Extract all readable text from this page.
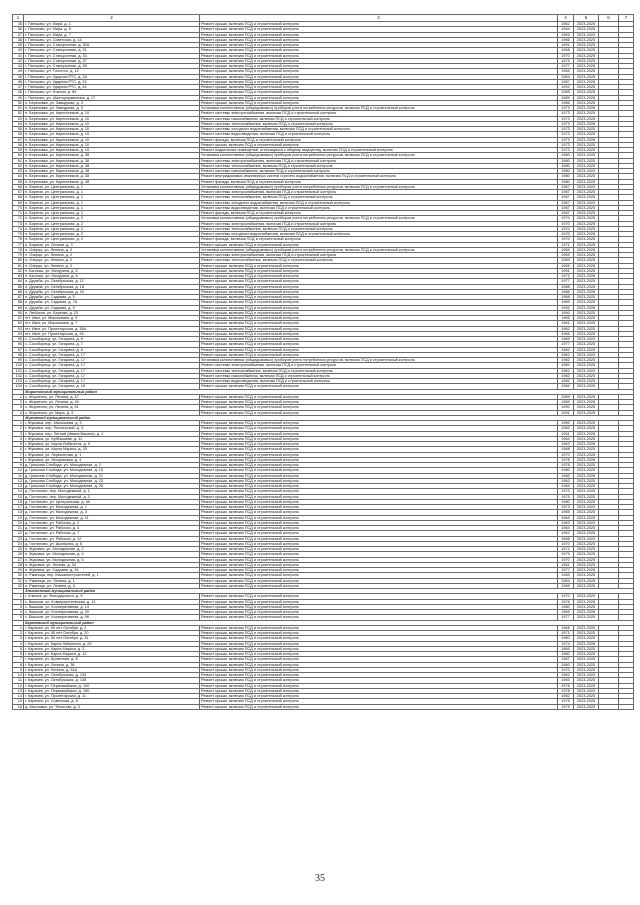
1	2	3	4	5	6	7
35	г. Пятьково, ул. Мира, д. 1	Ремонт крыши, включая ПСД и строительный контроль	1962	2023-2025		
36	г. Пятьково, ул. Мира, д. 5	Ремонт крыши, включая ПСД и строительный контроль	1964	2023-2025		
37	г. Пятьково, ул. Мира, д. 7	Ремонт крыши, включая ПСД и строительный контроль	1965	2023-2025		
38	г. Пятьково, ул. Советская, д. 14	Ремонт крыши, включая ПСД и строительный контроль	1966	2023-2025		
39	г. Пятьково, ул. Станционная, д. 30А	Ремонт крыши, включая ПСД и строительный контроль	1991	2023-2025		
40	г. Пятьково, ул. Станционная, д. 31	Ремонт крыши, включая ПСД и строительный контроль	1968	2023-2025		
41	г. Пятьково, ул. Станционная, д. 33	Ремонт крыши, включая ПСД и строительный контроль	1970	2023-2025		
42	г. Пятьково, ул. Станционная, д. 37	Ремонт крыши, включая ПСД и строительный контроль	1979	2023-2025		
43	г. Пятьково, ул. Станционная, д. 39	Ремонт крыши, включая ПСД и строительный контроль	1977	2023-2025		
44	г. Пятьково, ул. Толстого, д. 12	Ремонт крыши, включая ПСД и строительный контроль	1969	2023-2025		
45	г. Пятьково, ул. Ударная РТС, д. 2А	Ремонт крыши, включая ПСД и строительный контроль	1984	2023-2025		
46	г. Пятьково, ул. Ударная РТС, д. 24	Ремонт крыши, включая ПСД и строительный контроль	1987	2023-2025		
47	г. Пятьково, ул. Ударная РТС, д. 44	Ремонт крыши, включая ПСД и строительный контроль	1992	2023-2025		
48	г. Пятьково, ул. Фокина, д. 69	Ремонт крыши, включая ПСД и строительный контроль	1965	2023-2025		
49	г. Пятьково, ул. Шахтоуправления, д. 17	Ремонт крыши, включая ПСД и строительный контроль	1989	2023-2025		
50	п. Березовка, ул. Заводская, д. 3	Ремонт крыши, включая ПСД и строительный контроль	1986	2023-2025		
51	п. Березовка, ул. Заводская, д. 3	Установка коллективных (общедомовых) приборов учета потребления ресурсов, включая ПСД и строительный контроль	1973	2023-2025		
52	п. Березовка, ул. Кирпичников, д. 10	Ремонт системы электроснабжения, включая ПСД и строительный контроль	1973	2023-2025		
53	п. Березовка, ул. Кирпичников, д. 10	Ремонт системы газоснабжения, включая ПСД и строительный контроль	1973	2023-2025		
54	п. Березовка, ул. Кирпичников, д. 10	Ремонт системы теплоснабжения, включая ПСД и строительный контроль	1973	2023-2025		
55	п. Березовка, ул. Кирпичников, д. 10	Ремонт системы холодного водоснабжения, включая ПСД и строительный контроль	1973	2023-2025		
56	п. Березовка, ул. Кирпичников, д. 10	Ремонт системы водоотведения, включая ПСД и строительный контроль	1973	2023-2025		
57	п. Березовка, ул. Кирпичников, д. 10	Ремонт фасада, включая ПСД и строительный контроль	1973	2023-2025		
58	п. Березовка, ул. Кирпичников, д. 10	Ремонт крыши, включая ПСД и строительный контроль	1973	2023-2025		
59	п. Березовка, ул. Кирпичников, д. 10	Ремонт подвальных помещений, относящихся к общему имуществу, включая ПСД и строительный контроль	1973	2023-2025		
60	п. Березовка, ул. Кирпичников, д. 38	Установка коллективных (общедомовых) приборов учета потребления ресурсов, включая ПСД и строительный контроль	1980	2023-2025		
61	п. Березовка, ул. Кирпичников, д. 38	Ремонт системы электроснабжения, включая ПСД и строительный контроль	1980	2023-2025		
62	п. Березовка, ул. Кирпичников, д. 38	Ремонт системы теплоснабжения, включая ПСД и строительный контроль	1980	2023-2025		
63	п. Березовка, ул. Кирпичников, д. 38	Ремонт системы газоснабжения, включая ПСД и строительный контроль	1980	2023-2025		
64	п. Березовка, ул. Кирпичников, д. 38	Ремонт внутридомовых инженерных систем горячего водоснабжения, включая ПСД и строительный контроль	1980	2023-2025		
65	п. Березовка, ул. Кирпичников, д. 38	Ремонт фасада, включая ПСД и строительный контроль	1980	2023-2025		
66	п. Бирючи, ул. Центральная, д. 1	Установка коллективных (общедомовых) приборов учета потребления ресурсов, включая ПСД и строительный контроль	1967	2023-2025		
67	п. Бирючи, ул. Центральная, д. 1	Ремонт системы электроснабжения, включая ПСД и строительный контроль	1967	2023-2025		
68	п. Бирючи, ул. Центральная, д. 1	Ремонт системы теплоснабжения, включая ПСД и строительный контроль	1967	2023-2025		
69	п. Бирючи, ул. Центральная, д. 1	Ремонт системы холодного водоснабжения, включая ПСД и строительный контроль	1967	2023-2025		
70	п. Бирючи, ул. Центральная, д. 1	Ремонт системы водоотведения, включая ПСД и строительный контроль	1967	2023-2025		
71	п. Бирючи, ул. Центральная, д. 1	Ремонт фасада, включая ПСД и строительный контроль	1967	2023-2025		
72	п. Бирючи, ул. Центральная, д. 2	Установка коллективных (общедомовых) приборов учета потребления ресурсов, включая ПСД и строительный контроль	1970	2023-2025		
73	п. Бирючи, ул. Центральная, д. 2	Ремонт системы электроснабжения, включая ПСД и строительный контроль	1970	2023-2025		
74	п. Бирючи, ул. Центральная, д. 2	Ремонт системы теплоснабжения, включая ПСД и строительный контроль	1970	2023-2025		
75	п. Бирючи, ул. Центральная, д. 2	Ремонт системы холодного водоснабжения, включая ПСД и строительный контроль	1970	2023-2025		
76	п. Бирючи, ул. Центральная, д. 2	Ремонт фасада, включая ПСД и строительный контроль	1970	2023-2025		
77	п. Бирючи, ул. Ленина, д. 3	Ремонт крыши, включая ПСД и строительный контроль	1971	2023-2025		
78	п. Озерцо, ул. Ленина, д. 2	Установка коллективных (общедомовых) приборов учета потребления ресурсов, включая ПСД и строительный контроль	1969	2023-2025		
79	п. Озерцо, ул. Ленина, д. 2	Ремонт системы электроснабжения, включая ПСД и строительный контроль	1969	2023-2025		
80	п. Озерцо, ул. Ленина, д. 2	Ремонт системы теплоснабжения, включая ПСД и строительный контроль	1969	2023-2025		
81	п. Озерцо, ул. Ленина, д. 2	Ремонт крыши, включая ПСД и строительный контроль	1969	2023-2025		
82	п. Бытошь, ул. Мичурина, д. 5	Ремонт крыши, включая ПСД и строительный контроль	1991	2023-2025		
83	п. Бытошь, ул. Мичурина, д. 6	Ремонт крыши, включая ПСД и строительный контроль	1972	2023-2025		
84	п. Дружба, ул. Октябрьская, д. 11	Ремонт крыши, включая ПСД и строительный контроль	1977	2023-2025		
85	п. Дружба, ул. Октябрьская, д. 18	Ремонт крыши, включая ПСД и строительный контроль	1985	2023-2025		
86	п. Дружба, ул. Октябрьская, д. 20	Ремонт крыши, включая ПСД и строительный контроль	1986	2023-2025		
87	п. Дружба, ул. Садовая, д. 5	Ремонт крыши, включая ПСД и строительный контроль	1988	2023-2025		
88	п. Дружба, ул. Садовая, д. 7А	Ремонт крыши, включая ПСД и строительный контроль	1989	2023-2025		
89	п. Дружба, ул. Садовая, д. 9	Ремонт крыши, включая ПСД и строительный контроль	1992	2023-2025		
90	п. Любохна, ул. Березки, д. 23	Ремонт крыши, включая ПСД и строительный контроль	1990	2023-2025		
91	пгт. Ивот, ул. Мирошника, д. 5	Ремонт крыши, включая ПСД и строительный контроль	1965	2023-2025		
92	пгт. Ивот, ул. Мирошника, д. 7	Ремонт крыши, включая ПСД и строительный контроль	1961	2023-2025		
93	пгт. Ивот, ул. Пролетарская, д. 38А	Ремонт крыши, включая ПСД и строительный контроль	1962	2023-2025		
94	пгт. Ивот, ул. Пролетарская, д. 26	Ремонт крыши, включая ПСД и строительный контроль	1965	2023-2025		
95	с. Сособорецк, ул. Гагарина, д. 6	Ремонт крыши, включая ПСД и строительный контроль	1969	2023-2025		
96	с. Сособорецк, ул. Гагарина, д. 7	Ремонт крыши, включая ПСД и строительный контроль	1977	2023-2025		
97	с. Сособорецк, ул. Гагарина, д. 8	Ремонт крыши, включая ПСД и строительный контроль	1982	2023-2025		
98	с. Сособорецк, ул. Гагарина, д. 17	Ремонт крыши, включая ПСД и строительный контроль	1982	2023-2025		
99	с. Сособорецк, ул. Гагарина, д. 17	Установка коллективных (общедомовых) приборов учета потребления ресурсов, включая ПСД и строительный контроль	1982	2023-2025		
100	с. Сособорецк, ул. Гагарина, д. 17	Ремонт системы электроснабжения, включая ПСД и строительный контроль	1982	2023-2025		
101	с. Сособорецк, ул. Гагарина, д. 17	Ремонт системы теплоснабжения, включая ПСД и строительный контроль	1982	2023-2025		
102	с. Сособорецк, ул. Гагарина, д. 17	Ремонт системы газоснабжения, включая ПСД и строительный контроль	1982	2023-2025		
103	с. Сособорецк, ул. Гагарина, д. 17	Ремонт системы водоотведения, включая ПСД и строительный контроль	1982	2023-2025		
104	с. Сособорецк, ул. Гагарина, д. 18	Ремонт крыши, включая ПСД и строительный контроль	1982	2023-2025		
	Жирятинский муниципальный район					
1	с. Жирятино, ул. Ленина, д. 47	Ремонт крыши, включая ПСД и строительный контроль	1989	2023-2025		
2	с. Жирятино, ул. Ленина, д. 49	Ремонт крыши, включая ПСД и строительный контроль	1989	2023-2025		
3	с. Жирятино, ул. Ленина, д. 51	Ремонт крыши, включая ПСД и строительный контроль	1990	2023-2025		
4	с. Жирятино, ул. Мира, д. 3	Ремонт крыши, включая ПСД и строительный контроль	1991	2023-2025		
	Жуковский муниципальный район					
1	г. Жуковка, пер. Малышева, д. 3	Ремонт крыши, включая ПСД и строительный контроль	1960	2023-2025		
2	г. Жуковка, пер. Пионерский, д. 3	Ремонт крыши, включая ПСД и строительный контроль	1962	2023-2025		
3	г. Жуковка, пер. Летний (Ивана Васина), д. 1	Ремонт крыши, включая ПСД и строительный контроль	1961	2023-2025		
4	г. Жуковка, ул. Куйбышева, д. 11	Ремонт крыши, включая ПСД и строительный контроль	1964	2023-2025		
5	г. Жуковка, ул. Карла Либкнехта, д. 5	Ремонт крыши, включая ПСД и строительный контроль	1963	2023-2025		
6	г. Жуковка, ул. Карла Маркса, д. 33	Ремонт крыши, включая ПСД и строительный контроль	1968	2023-2025		
7	г. Жуковка, ул. Лермонтова, д. 1	Ремонт крыши, включая ПСД и строительный контроль	1970	2023-2025		
8	г. Жуковка, ул. Мопровская, д. 4	Ремонт крыши, включая ПСД и строительный контроль	1976	2023-2025		
9	д. Гришина Слобода, ул. Молодежная, д. 2	Ремонт крыши, включая ПСД и строительный контроль	1976	2023-2025		
10	д. Гришина Слобода, ул. Молодежная, д. 15	Ремонт крыши, включая ПСД и строительный контроль	1980	2023-2025		
11	д. Гришина Слобода, ул. Молодежная, д. 21	Ремонт крыши, включая ПСД и строительный контроль	1982	2023-2025		
12	д. Гришина Слобода, ул. Молодежная, д. 23	Ремонт крыши, включая ПСД и строительный контроль	1983	2023-2025		
13	д. Гришина Слобода, ул. Молодежная, д. 25	Ремонт крыши, включая ПСД и строительный контроль	1984	2023-2025		
14	д. Гостилово, пер. Молодежный, д. 1	Ремонт крыши, включая ПСД и строительный контроль	1972	2023-2025		
15	д. Гостилово, пер. Молодежный, д. 3	Ремонт крыши, включая ПСД и строительный контроль	1975	2023-2025		
16	д. Гостилово, ул. Центральная, д. 48	Ремонт крыши, включая ПСД и строительный контроль	1980	2023-2025		
17	д. Гостилово, ул. Молодежная, д. 1	Ремонт крыши, включая ПСД и строительный контроль	1973	2023-2025		
18	д. Гостилово, ул. Молодежная, д. 3	Ремонт крыши, включая ПСД и строительный контроль	1965	2023-2025		
19	д. Гостилово, ул. Молодежная, д. 11	Ремонт крыши, включая ПСД и строительный контроль	1969	2023-2025		
20	д. Гостилово, ул. Рабочая, д. 2	Ремонт крыши, включая ПСД и строительный контроль	1963	2023-2025		
21	д. Гостилово, ул. Рабочая, д. 4	Ремонт крыши, включая ПСД и строительный контроль	1964	2023-2025		
22	д. Гостилово, ул. Рабочая, д. 7	Ремонт крыши, включая ПСД и строительный контроль	1962	2023-2025		
23	д. Гостилово, ул. Рабочая, д. 12	Ремонт крыши, включая ПСД и строительный контроль	1965	2023-2025		
24	д. Гостилово, ул. Школьная, д. 5	Ремонт крыши, включая ПСД и строительный контроль	1970	2023-2025		
25	п. Жуковка, ул. Молодежная, д. 2	Ремонт крыши, включая ПСД и строительный контроль	1972	2023-2025		
26	п. Жуковка, ул. Молодежная, д. 4	Ремонт крыши, включая ПСД и строительный контроль	1979	2023-2025		
27	п. Жуковка, ул. Молодежная, д. 6	Ремонт крыши, включая ПСД и строительный контроль	1970	2023-2025		
28	п. Жуковка, ул. Лесная, д. 34	Ремонт крыши, включая ПСД и строительный контроль	1961	2023-2025		
29	п. Жуковка, ул. Садовая, д. 26	Ремонт крыши, включая ПСД и строительный контроль	1977	2023-2025		
30	п. Ржаница, пер. Машиностроителей, д. 1	Ремонт крыши, включая ПСД и строительный контроль	1983	2023-2025		
31	п. Ржаница, ул. Ленина, д. 1	Ремонт крыши, включая ПСД и строительный контроль	1984	2023-2025		
32	п. Ржаница, ул. Ленина, д. 3	Ремонт крыши, включая ПСД и строительный контроль	1989	2023-2025		
	Злынковский муниципальный район					
1	г. Злынка, ул. Володарского, д. 9	Ремонт крыши, включая ПСД и строительный контроль	1970	2023-2025		
2	с. Вышков, ул. Коммунистическая, д. 13	Ремонт крыши, включая ПСД и строительный контроль	1976	2023-2025		
3	с. Вышков, ул. Кооперативная, д. 14	Ремонт крыши, включая ПСД и строительный контроль	1980	2023-2025		
4	с. Вышков, ул. Кооперативная, д. 20	Ремонт крыши, включая ПСД и строительный контроль	1959	2023-2025		
5	с. Вышков, ул. Кооперативная, д. 96	Ремонт крыши, включая ПСД и строительный контроль	1977	2023-2025		
	Карачевский муниципальный район					
1	г. Карачев, ул. 50 лет Октября, д. 2	Ремонт крыши, включая ПСД и строительный контроль	1966	2023-2025		
2	г. Карачев, ул. 50 лет Октября, д. 20	Ремонт крыши, включая ПСД и строительный контроль	1971	2023-2025		
3	г. Карачев, ул. 50 лет Октября, д. 31	Ремонт крыши, включая ПСД и строительный контроль	1980	2023-2025		
4	г. Карачев, ул. Карла Либкнехта, д. 25	Ремонт крыши, включая ПСД и строительный контроль	1974	2023-2025		
5	г. Карачев, ул. Карла Маркса, д. 2	Ремонт крыши, включая ПСД и строительный контроль	1965	2023-2025		
6	г. Карачев, ул. Карла Маркса, д. 12	Ремонт крыши, включая ПСД и строительный контроль	1980	2023-2025		
7	г. Карачев, ул. Кузнечная, д. 8	Ремонт крыши, включая ПСД и строительный контроль	1967	2023-2025		
8	г. Карачев, ул. Ленина, д. 36	Ремонт крыши, включая ПСД и строительный контроль	1960	2023-2025		
9	г. Карачев, ул. Ленина, д. 51А	Ремонт крыши, включая ПСД и строительный контроль	1970	2023-2025		
10	г. Карачев, ул. Октябрьская, д. 134	Ремонт крыши, включая ПСД и строительный контроль	1962	2023-2025		
11	г. Карачев, ул. Октябрьская, д. 138	Ремонт крыши, включая ПСД и строительный контроль	1963	2023-2025		
12	г. Карачев, ул. Первомайская, д. 140	Ремонт крыши, включая ПСД и строительный контроль	1976	2023-2025		
13	г. Карачев, ул. Первомайская, д. 150	Ремонт крыши, включая ПСД и строительный контроль	1978	2023-2025		
14	г. Карачев, ул. Пролетарская, д. 11	Ремонт крыши, включая ПСД и строительный контроль	1982	2023-2025		
15	г. Карачев, ул. Советская, д. 8	Ремонт крыши, включая ПСД и строительный контроль	1975	2023-2025		
16	д. Масловка, ул. Тенистая, д. 3	Ремонт крыши, включая ПСД и строительный контроль	1979	2023-2025		
35
